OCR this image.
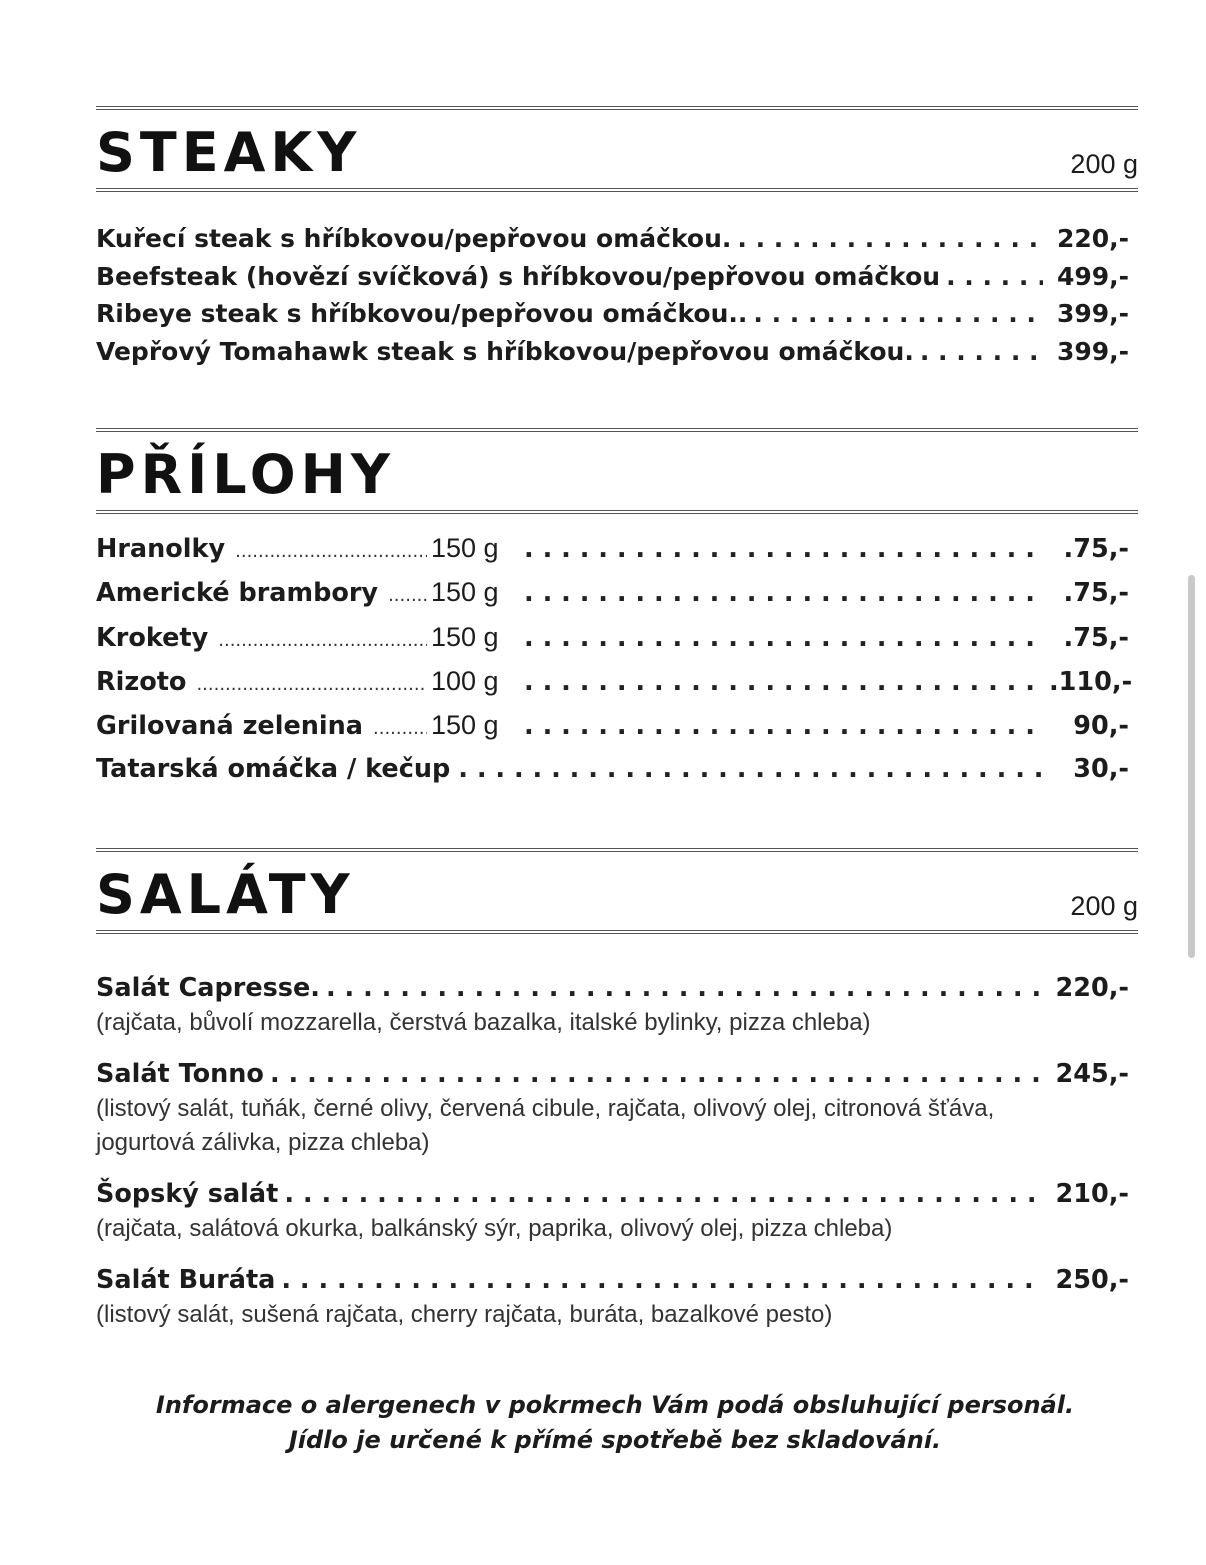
STEAKY	200 g
Kuřecí steak s hříbkovou/pepřovou omáčkou. . . .	220,-
Beefsteak (hovězí svíčková) s hříbkovou/pepřovou omáčkou . . .	499,-
Ribeye steak s hříbkovou/pepřovou omáčkou.. . . .	399,-
Vepřový Tomahawk steak s hříbkovou/pepřovou omáčkou. . . .	399,-
PŘÍLOHY
Hranolky .....	150 g . . .	.75,-
Americké brambory ..... 150 g . . .	.75,-
Krokety .....	150 g . . .	.75,-
Rizoto .....	100 g . . .	.110,-
Grilovaná zelenina .....	150 g . . .	90,-
Tatarská omáčka / kečup . . .	30,-
SALÁTY	200 g
Salát Capresse. . . .	220,-
(rajčata, bůvolí mozzarella, čerstvá bazalka, italské bylinky, pizza chleba)
Salát Tonno . . .	245,-
(listový salát, tuňák, černé olivy, červená cibule, rajčata, olivový olej, citronová šťáva, jogurtová zálivka, pizza chleba)
Šopský salát . . .	210,-
(rajčata, salátová okurka, balkánský sýr, paprika, olivový olej, pizza chleba)
Salát Buráta . . .	250,-
(listový salát, sušená rajčata, cherry rajčata, buráta, bazalkové pesto)
Informace o alergenech v pokrmech Vám podá obsluhující personál.
Jídlo je určené k přímé spotřebě bez skladování.
